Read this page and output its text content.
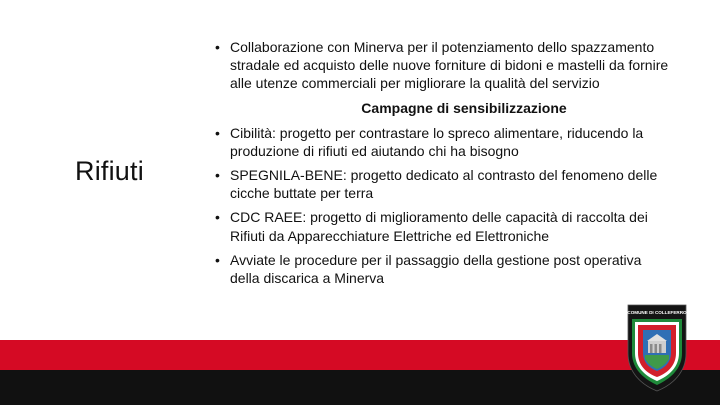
Rifiuti
• Collaborazione con Minerva per il potenziamento dello spazzamento stradale ed acquisto delle nuove forniture di bidoni e mastelli da fornire alle utenze commerciali per migliorare la qualità del servizio
Campagne di sensibilizzazione
• Cibilità: progetto per contrastare lo spreco alimentare, riducendo la produzione di rifiuti ed aiutando chi ha bisogno
• SPEGNILA-BENE: progetto dedicato al contrasto del fenomeno delle cicche buttate per terra
• CDC RAEE: progetto di miglioramento delle capacità di raccolta dei Rifiuti da Apparecchiature Elettriche ed Elettroniche
• Avviate le procedure per il passaggio della gestione post operativa della discarica a Minerva
COMUNE DI COLLEFERRO
